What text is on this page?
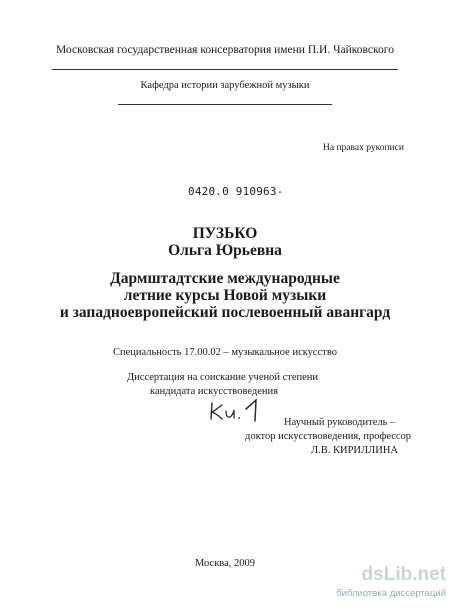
Московская государственная консерватория имени П.И. Чайковского
Кафедра истории зарубежной музыки
На правах рукописи
0420.0 910963-
ПУЗЬКО
Ольга Юрьевна
Дармштадтские международные
летние курсы Новой музыки
и западноевропейский послевоенный авангард
Специальность 17.00.02 – музыкальное искусство
Диссертация на соискание ученой степени
кандидата искусствоведения
Научный руководитель –
доктор искусствоведения, профессор
Л.В. КИРИЛЛИНА
Москва, 2009
dsLib.net
библиотека диссертаций
